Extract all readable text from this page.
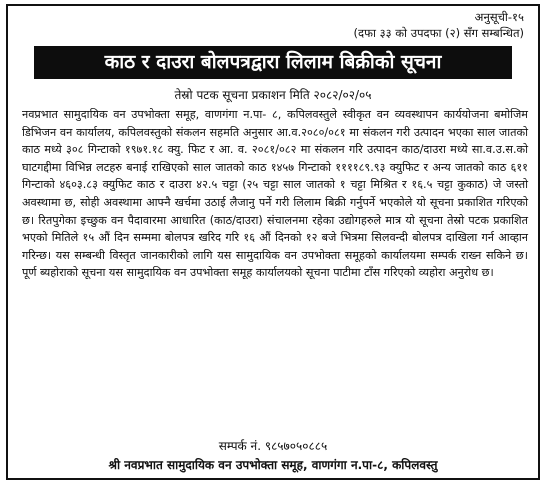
अनुसूची-१५
(दफा ३३ को उपदफा (२) सँग सम्बन्धित)
काठ र दाउरा बोलपत्रद्वारा लिलाम बिक्रीको सूचना
तेस्रो पटक सूचना प्रकाशन मिति २०८२/०२/०५

नवप्रभात सामुदायिक वन उपभोक्ता समूह, वाणगंगा न.पा- ८, कपिलवस्तुले स्वीकृत वन व्यवस्थापन कार्ययोजना बमोजिम डिभिजन वन कार्यालय, कपिलवस्तुको संकलन सहमति अनुसार आ.व.२०८०/०८१ मा संकलन गरी उत्पादन भएका साल जातको काठ मध्ये ३०८ गिन्टाको १९७१.१८ क्यु. फिट र आ. व. २०८१/०८२ मा संकलन गरि उत्पादन काठ/दाउरा मध्ये सा.व.उ.स.को घाटगद्दीमा विभिन्न लटहरु बनाई राखिएको साल जातको काठ १४५७ गिन्टाको ११११८९.९३ क्युफिट र अन्य जातको काठ ६११ गिन्टाको ४६०३.८३ क्युफिट काठ र दाउरा ४२.५ चट्टा (२५ चट्टा साल जातको १ चट्टा मिश्रित र १६.५ चट्टा कुकाठ) जे जस्तो अवस्थामा छ, सोही अवस्थामा आफ्नै खर्चमा उठाई लैजानु पर्ने गरी लिलाम बिक्री गर्नुपर्ने भएकोले यो सूचना प्रकाशित गरिएको छ। रितपुगेका इच्छुक वन पैदावारमा आधारित (काठ/दाउरा) संचालनमा रहेका उद्योगहरुले मात्र यो सूचना तेस्रो पटक प्रकाशित भएको मितिले १५ औं दिन सम्ममा बोलपत्र खरिद गरि १६ औं दिनको १२ बजे भित्रमा सिलवन्दी बोलपत्र दाखिला गर्न आव्हान गरिन्छ। यस सम्बन्धी विस्तृत जानकारीको लागि यस सामुदायिक वन उपभोक्ता समूहको कार्यालयमा सम्पर्क राख्न सकिने छ। पूर्ण ब्यहोराको सूचना यस सामुदायिक वन उपभोक्ता समूह कार्यालयको सूचना पाटीमा टाँस गरिएको व्यहोरा अनुरोध छ।

सम्पर्क नं. ९८५७०५०८८५
श्री नवप्रभात सामुदायिक वन उपभोक्ता समूह, वाणगंगा न.पा-८, कपिलवस्तु
